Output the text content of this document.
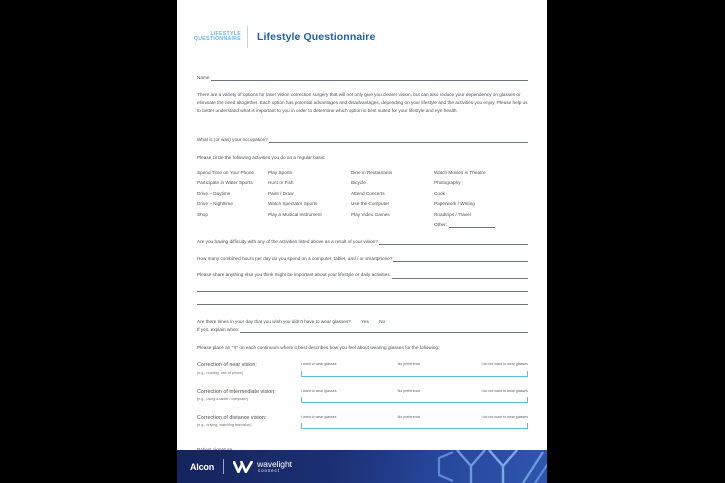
LIFESTYLE
QUESTIONNAIRE Lifestyle Questionnaire
Name
There are a variety of options for laser vision correction surgery that will not only give you clearer vision, but can also reduce your dependency on glasses or eliminate the need altogether. Each option has potential advantages and disadvantages, depending on your lifestyle and the activities you enjoy. Please help us to better understand what is important to you in order to determine which option is best suited for your lifestyle and eye health.
What is (or was) your occupation?
Please circle the following activities you do on a regular basis:
Spend Time on Your Phone	Play Sports	Dine in Restaurants	Watch Movies in Theatre
Participate in Water Sports	Hunt or Fish	Bicycle	Photography
Drive – Daytime	Paint / Draw	Attend Concerts	Cook
Drive – Nighttime	Watch Spectator Sports	Use the Computer	Paperwork / Writing
Shop	Play a Musical Instrument	Play Video Games	Roadtrips / Travel
Other:
Are you having difficulty with any of the activities listed above as a result of your vision?
How many combined hours per day do you spend on a computer, tablet, and / or smartphone?
Please share anything else you think might be important about your lifestyle or daily activities:
Are there times in your day that you wish you didn't have to wear glasses? Yes No
If yes, explain when:
Please place an "X" on each continuum where it best describes how you feel about wearing glasses for the following:
Correction of near vision:
(e.g., reading, use of phone)
I want to wear glasses	No preference	I do not want to wear glasses
Correction of intermediate vision:
(e.g., using a tablet / computer)
I want to wear glasses	No preference	I do not want to wear glasses
Correction of distance vision:
(e.g., driving, watching television)
I want to wear glasses	No preference	I do not want to wear glasses
Alcon	wavelight
connect
